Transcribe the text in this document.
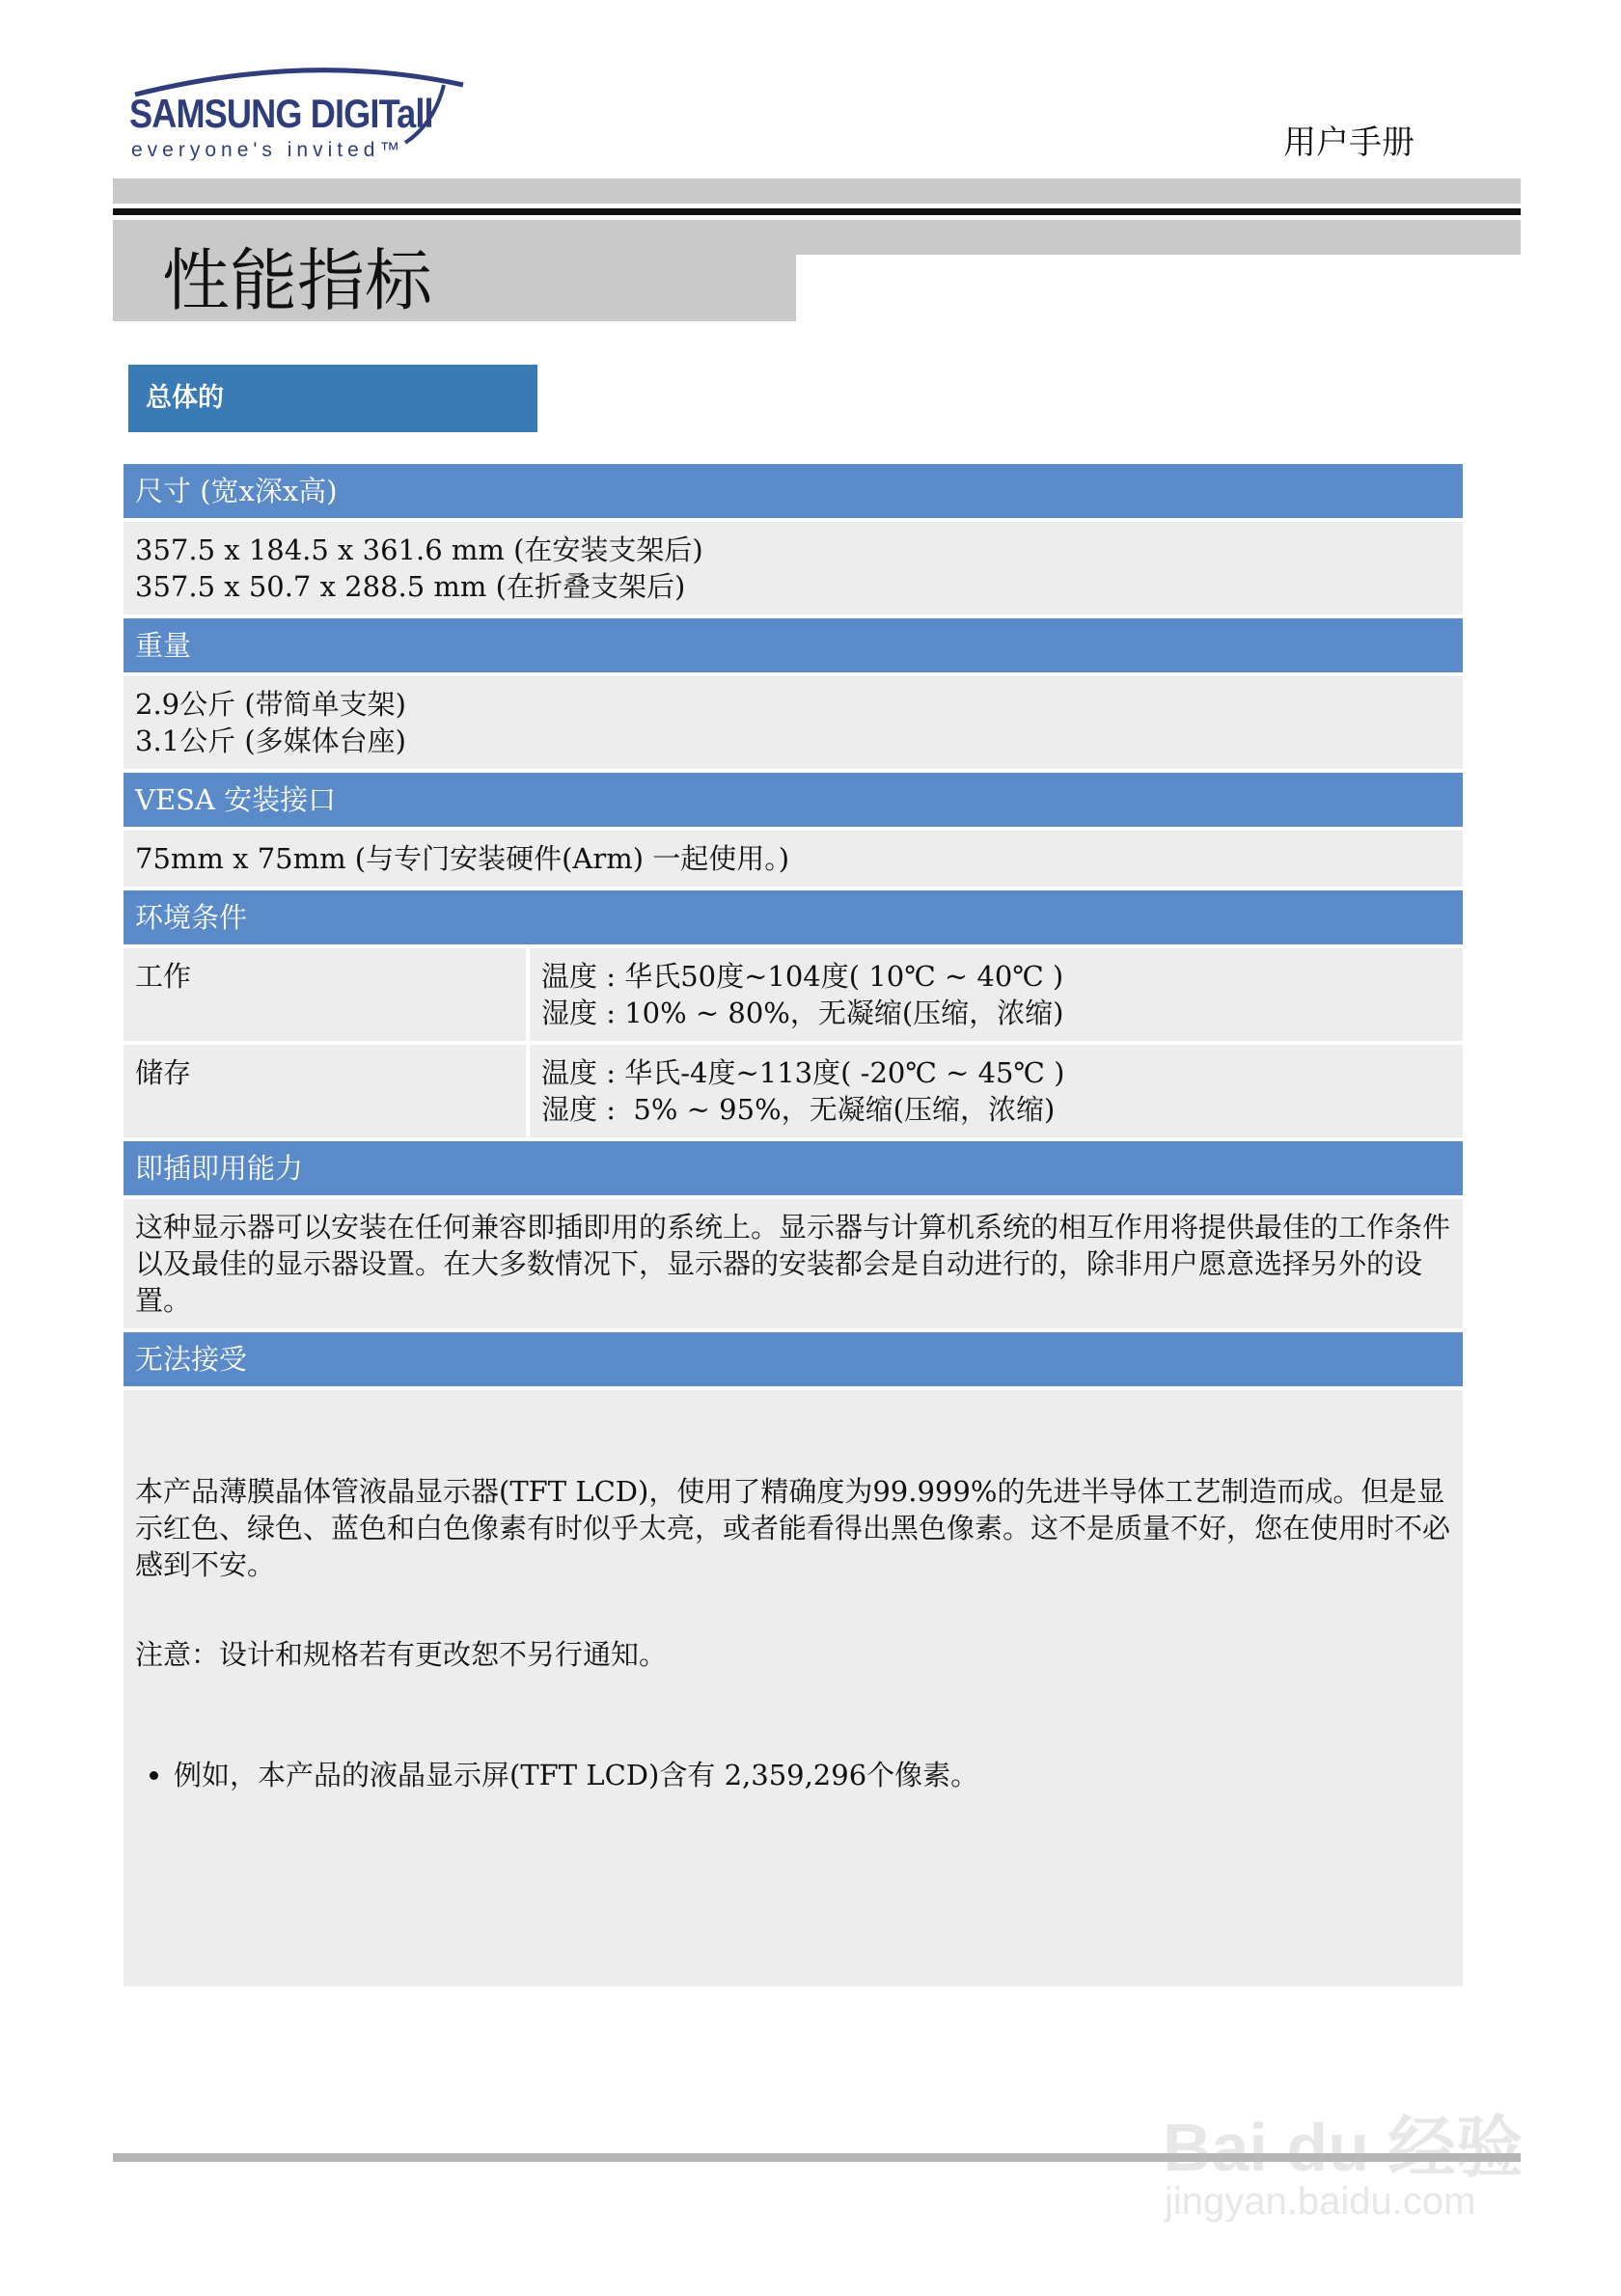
SAMSUNG DIGITall
everyone's invited™	用户手册
性能指标
总体的
尺寸 (宽x深x高)
357.5 x 184.5 x 361.6 mm (在安装支架后)
357.5 x 50.7 x 288.5 mm (在折叠支架后)
重量
2.9公斤 (带简单支架)
3.1公斤 (多媒体台座)
VESA 安装接口
75mm x 75mm (与专门安装硬件(Arm) 一起使用。)
环境条件
工作	温度 : 华氏50度~104度( 10℃ ~ 40℃ )
湿度 : 10% ~ 80%，无凝缩(压缩，浓缩)
储存	温度 : 华氏-4度~113度( -20℃ ~ 45℃ )
湿度 :  5% ~ 95%，无凝缩(压缩，浓缩)
即插即用能力
这种显示器可以安装在任何兼容即插即用的系统上。显示器与计算机系统的相互作用将提供最佳的工作条件以及最佳的显示器设置。在大多数情况下，显示器的安装都会是自动进行的，除非用户愿意选择另外的设置。
无法接受

本产品薄膜晶体管液晶显示器(TFT LCD)，使用了精确度为99.999%的先进半导体工艺制造而成。但是显示红色、绿色、蓝色和白色像素有时似乎太亮，或者能看得出黑色像素。这不是质量不好，您在使用时不必感到不安。

• 例如，本产品的液晶显示屏(TFT LCD)含有 2,359,296个像素。

注意：设计和规格若有更改恕不另行通知。
Bai du 经验
jingyan.baidu.com
